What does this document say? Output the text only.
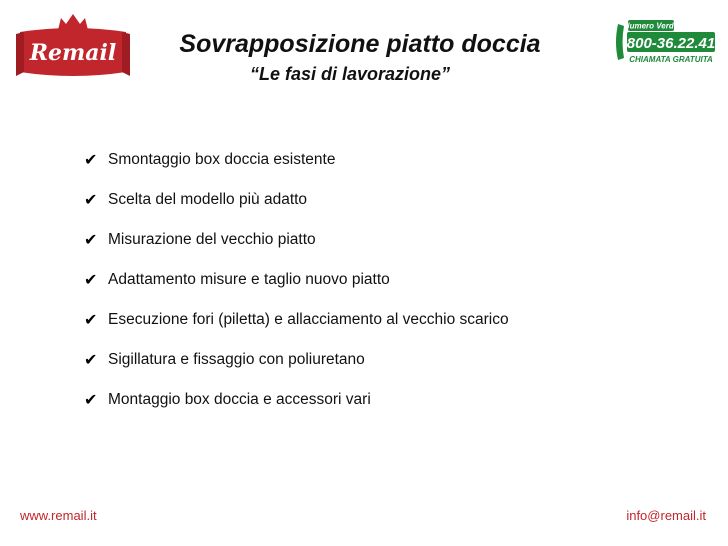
Remail
Numero Verde
800-36.22.41
CHIAMATA GRATUITA
Sovrapposizione piatto doccia
“Le fasi di lavorazione”
✔ Smontaggio box doccia esistente
✔ Scelta del modello più adatto
✔ Misurazione del vecchio piatto
✔ Adattamento misure e taglio nuovo piatto
✔ Esecuzione fori (piletta) e allacciamento al vecchio scarico
✔ Sigillatura e fissaggio con poliuretano
✔ Montaggio box doccia e accessori vari
www.remail.it	info@remail.it
